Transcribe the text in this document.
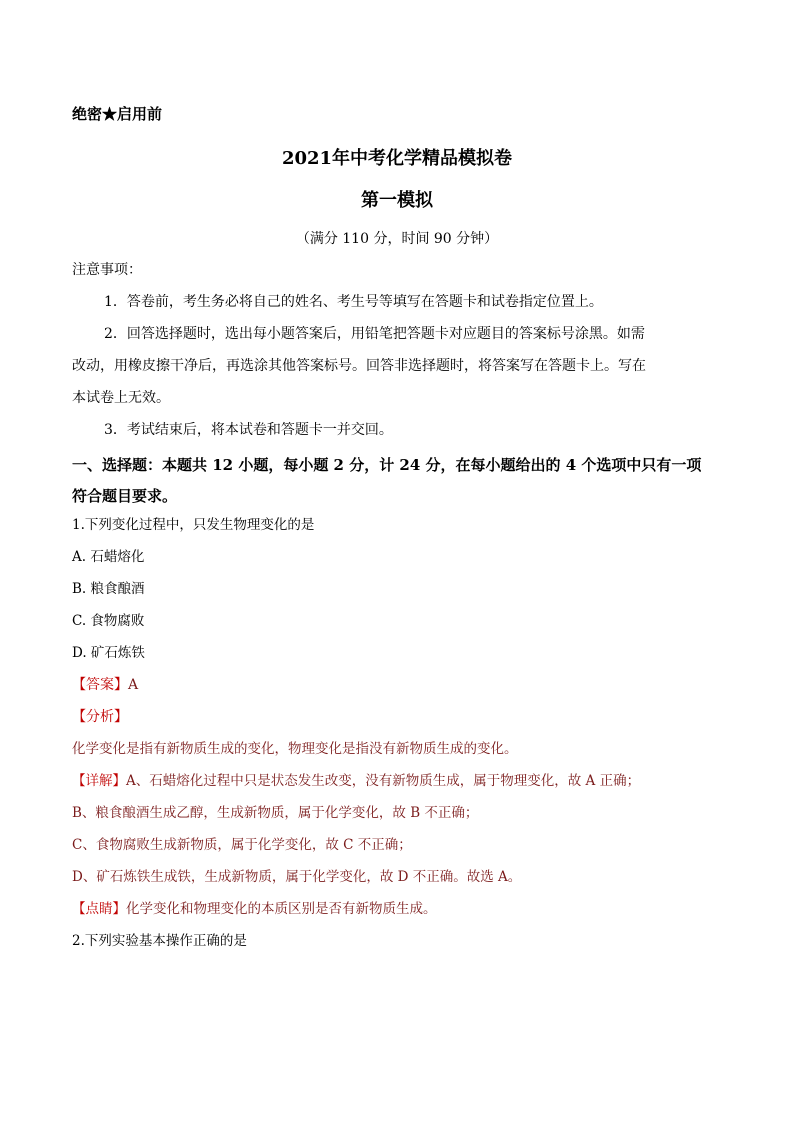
绝密★启用前
2021年中考化学精品模拟卷
第一模拟
（满分 110 分，时间 90 分钟）
注意事项：
1．答卷前，考生务必将自己的姓名、考生号等填写在答题卡和试卷指定位置上。
2．回答选择题时，选出每小题答案后，用铅笔把答题卡对应题目的答案标号涂黑。如需
改动，用橡皮擦干净后，再选涂其他答案标号。回答非选择题时，将答案写在答题卡上。写在
本试卷上无效。
3．考试结束后，将本试卷和答题卡一并交回。
一、选择题：本题共 12 小题，每小题 2 分，计 24 分，在每小题给出的 4 个选项中只有一项
符合题目要求。
1.下列变化过程中，只发生物理变化的是
A. 石蜡熔化
B. 粮食酿酒
C. 食物腐败
D. 矿石炼铁
【答案】A
【分析】
化学变化是指有新物质生成的变化，物理变化是指没有新物质生成的变化。
【详解】A、石蜡熔化过程中只是状态发生改变，没有新物质生成，属于物理变化，故 A 正确；
B、粮食酿酒生成乙醇，生成新物质，属于化学变化，故 B 不正确；
C、食物腐败生成新物质，属于化学变化，故 C 不正确；
D、矿石炼铁生成铁，生成新物质，属于化学变化，故 D 不正确。故选 A。
【点睛】化学变化和物理变化的本质区别是否有新物质生成。
2.下列实验基本操作正确的是
